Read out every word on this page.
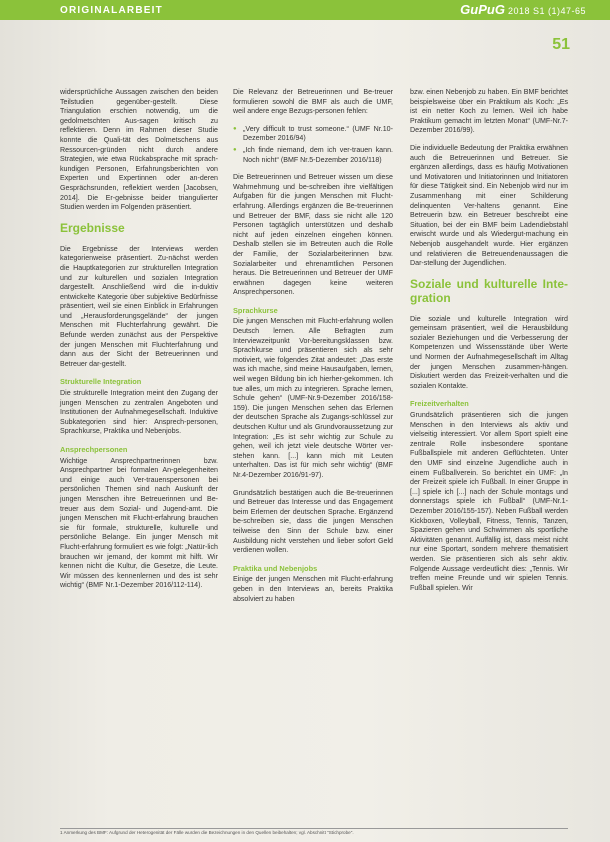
ORIGINALARBEIT	GuPuG 2018 S1 (1)47-65
51

widersprüchliche Aussagen zwischen den beiden Teilstudien gegenüber-gestellt. Diese Triangulation erschien notwendig, um die gedolmetschten Aus-sagen kritisch zu reflektieren. Denn im Rahmen dieser Studie konnte die Quali-tät des Dolmetschens aus Ressourcen-gründen nicht durch andere Strategien, wie etwa Rückabsprache mit sprach-kundigen Personen, Erfahrungsberichten von Experten und Expertinnen oder an-deren Gesprächsrunden, reflektiert werden [Jacobsen, 2014]. Die Er-gebnisse beider triangulierter Studien werden im Folgenden präsentiert.

Ergebnisse

Die Ergebnisse der Interviews werden kategorienweise präsentiert. Zu-nächst werden die Hauptkategorien zur strukturellen Integration und zur kulturellen und sozialen Integration dargestellt. Anschließend wird die in-duktiv entwickelte Kategorie über subjektive Bedürfnisse präsentiert, weil sie einen Einblick in Erfahrungen und „Herausforderungsgelände“ der jungen Menschen mit Fluchterfahrung gewährt. Die Befunde werden zunächst aus der Perspektive der jungen Menschen mit Fluchterfahrung und dann aus der Sicht der Betreuerinnen und Betreuer dar-gestellt.

Strukturelle Integration

Die strukturelle Integration meint den Zugang der jungen Menschen zu zentralen Angeboten und Institutionen der Aufnahmegesellschaft. Induktive Subkategorien sind hier: Ansprech-personen, Sprachkurse, Praktika und Nebenjobs.

Ansprechpersonen

Wichtige Ansprechpartnerinnen bzw. Ansprechpartner bei formalen An-gelegenheiten und einige auch Ver-trauenspersonen bei persönlichen Themen sind nach Auskunft der jungen Menschen ihre Betreuerinnen und Be-treuer aus dem Sozial- und Jugend-amt. Die jungen Menschen mit Flucht-erfahrung brauchen sie für formale, strukturelle, kulturelle und persönliche Belange. Ein junger Mensch mit Flucht-erfahrung formuliert es wie folgt: „Natür-lich brauchen wir jemand, der kommt mit hilft. Wir kennen nicht die Kultur, die Gesetze, die Leute. Wir müssen des kennenlernen und des ist sehr wichtig“ (BMF Nr.1-Dezember 2016/112-114).

Die Relevanz der Betreuerinnen und Be-treuer formulieren sowohl die BMF als auch die UMF, weil andere enge Bezugs-personen fehlen:

● „Very difficult to trust someone.“ (UMF Nr.10-Dezember 2016/94)
● „Ich finde niemand, dem ich ver-trauen kann. Noch nicht“ (BMF Nr.5-Dezember 2016/118)

Die Betreuerinnen und Betreuer wissen um diese Wahrnehmung und be-schreiben ihre vielfältigen Aufgaben für die jungen Menschen mit Flucht-erfahrung. Allerdings ergänzen die Be-treuerinnen und Betreuer der BMF, dass sie nicht alle 120 Personen tagtäglich unterstützen und deshalb nicht auf jeden einzelnen eingehen können. Deshalb stellen sie im Betreuten auch die Rolle der Familie, der Sozialarbeiterinnen bzw. Sozialarbeiter und ehrenamtlichen Personen heraus. Die Betreuerinnen und Betreuer der UMF erwähnen dagegen keine weiteren Ansprechpersonen.

Sprachkurse

Die jungen Menschen mit Flucht-erfahrung wollen Deutsch lernen. Alle Befragten zum Interviewzeitpunkt Vor-bereitungsklassen bzw. Sprachkurse und präsentieren sich als sehr motiviert, wie folgendes Zitat andeutet: „Das erste was ich mache, sind meine Hausaufgaben, lernen, weil wegen Bildung bin ich hierher-gekommen. Ich tue alles, um mich zu integrieren. Sprache lernen, Schule gehen“ (UMF-Nr.9-Dezember 2016/158-159). Die jungen Menschen sehen das Erlernen der deutschen Sprache als Zugangs-schlüssel zur deutschen Kultur und als Grundvoraussetzung zur Integration: „Es ist sehr wichtig zur Schule zu gehen, weil ich jetzt viele deutsche Wörter ver-stehen kann. [...] kann mich mit Leuten unterhalten. Das ist für mich sehr wichtig“ (BMF Nr.4-Dezember 2016/91-97).

Grundsätzlich bestätigen auch die Be-treuerinnen und Betreuer das Interesse und das Engagement beim Erlernen der deutschen Sprache. Ergänzend be-schreiben sie, dass die jungen Menschen teilweise den Sinn der Schule bzw. einer Ausbildung nicht verstehen und lieber sofort Geld verdienen wollen.

Praktika und Nebenjobs

Einige der jungen Menschen mit Flucht-erfahrung geben in den Interviews an, bereits Praktika absolviert zu haben

bzw. einen Nebenjob zu haben. Ein BMF berichtet beispielsweise über ein Praktikum als Koch: „Es ist ein netter Koch zu lernen. Weil ich habe Praktikum gemacht im letzten Monat“ (UMF-Nr.7-Dezember 2016/99).

Die individuelle Bedeutung der Praktika erwähnen auch die Betreuerinnen und Betreuer. Sie ergänzen allerdings, dass es häufig Motivationen und Motivatoren und Initiatorinnen und Initiatoren für diese Tätigkeit sind. Ein Nebenjob wird nur im Zusammenhang mit einer Schilderung delinquenten Ver-haltens genannt. Eine Betreuerin bzw. ein Betreuer beschreibt eine Situation, bei der ein BMF beim Ladendiebstahl erwischt wurde und als Wiedergut-machung ein Nebenjob ausgehandelt wurde. Hier ergänzen und relativieren die Betreuendenaussagen die Dar-stellung der Jugendlichen.

Soziale und kulturelle Inte-gration

Die soziale und kulturelle Integration wird gemeinsam präsentiert, weil die Herausbildung sozialer Beziehungen und die Verbesserung der Kompetenzen und Wissensstände über Werte und Normen der Aufnahmegesellschaft im Alltag der jungen Menschen zusammen-hängen. Diskutiert werden das Freizeit-verhalten und die sozialen Kontakte.

Freizeitverhalten

Grundsätzlich präsentieren sich die jungen Menschen in den Interviews als aktiv und vielseitig interessiert. Vor allem Sport spielt eine zentrale Rolle insbesondere spontane Fußballspiele mit anderen Geflüchteten. Unter den UMF sind einzelne Jugendliche auch in einem Fußballverein. So berichtet ein UMF: „In der Freizeit spiele ich Fußball. In einer Gruppe in [...] spiele ich [...] nach der Schule montags und donnerstags spiele ich Fußball“ (UMF-Nr.1-Dezember 2016/155-157). Neben Fußball werden Kickboxen, Volleyball, Fitness, Tennis, Tanzen, Spazieren gehen und Schwimmen als sportliche Aktivitäten genannt. Auffällig ist, dass meist nicht nur eine Sportart, sondern mehrere thematisiert werden. Sie präsentieren sich als sehr aktiv. Folgende Aussage verdeutlicht dies: „Tennis. Wir treffen meine Freunde und wir spielen Tennis. Fußball spielen. Wir

1 Anmerkung des BMF: Aufgrund der Heterogenität der Fälle wurden die Bezeichnungen in den Quellen beibehalten; vgl. Abschnitt "Stichprobe".
